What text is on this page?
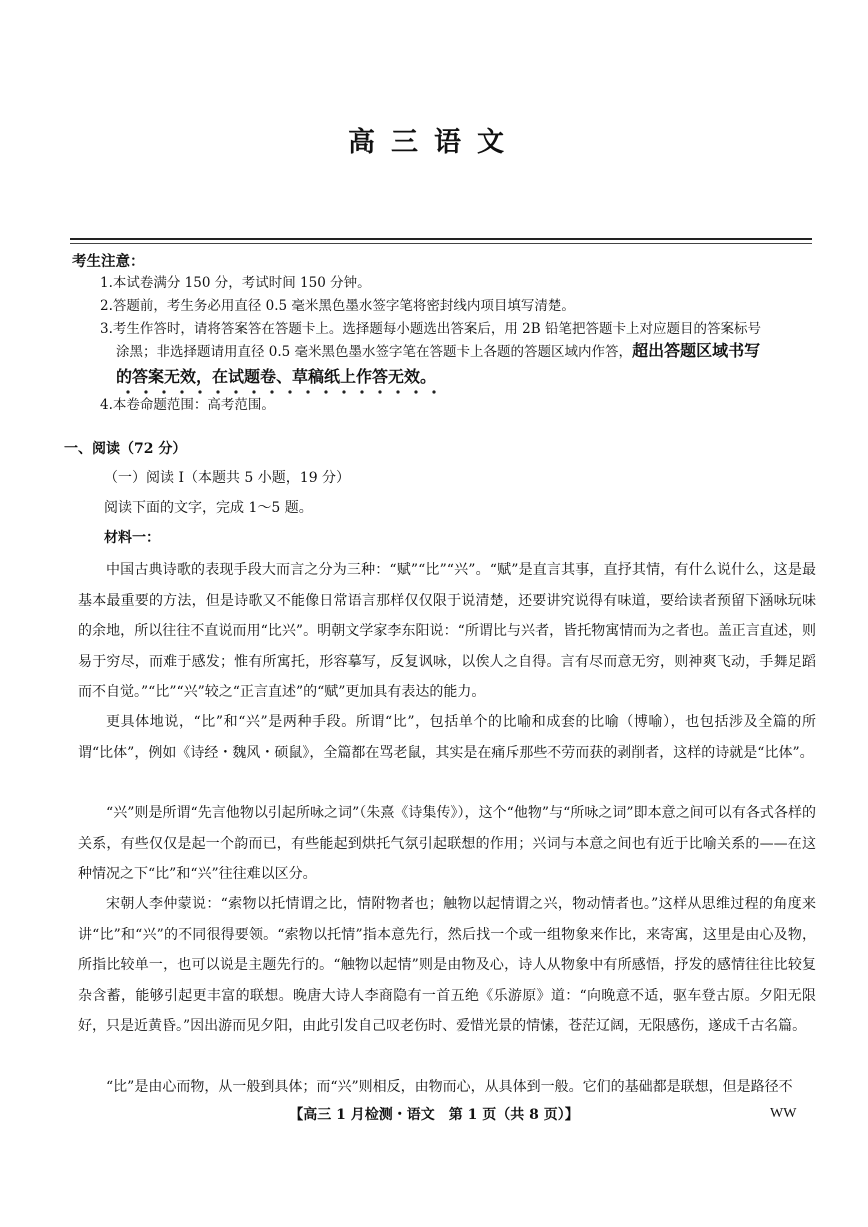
高三语文
考生注意：
1.本试卷满分 150 分，考试时间 150 分钟。
2.答题前，考生务必用直径 0.5 毫米黑色墨水签字笔将密封线内项目填写清楚。
3.考生作答时，请将答案答在答题卡上。选择题每小题选出答案后，用 2B 铅笔把答题卡上对应题目的答案标号
涂黑；非选择题请用直径 0.5 毫米黑色墨水签字笔在答题卡上各题的答题区域内作答，超出答题区域书写
的答案无效，在试题卷、草稿纸上作答无效。
4.本卷命题范围：高考范围。
一、阅读（72 分）
（一）阅读 Ⅰ（本题共 5 小题，19 分）
阅读下面的文字，完成 1～5 题。
材料一：

中国古典诗歌的表现手段大而言之分为三种：“赋”“比”“兴”。“赋”是直言其事，直抒其情，有什么说什么，这是最基本最重要的方法，但是诗歌又不能像日常语言那样仅仅限于说清楚，还要讲究说得有味道，要给读者预留下涵咏玩味的余地，所以往往不直说而用“比兴”。明朝文学家李东阳说：“所谓比与兴者，皆托物寓情而为之者也。盖正言直述，则易于穷尽，而难于感发；惟有所寓托，形容摹写，反复讽咏，以俟人之自得。言有尽而意无穷，则神爽飞动，手舞足蹈而不自觉。”“比”“兴”较之“正言直述”的“赋”更加具有表达的能力。

更具体地说，“比”和“兴”是两种手段。所谓“比”，包括单个的比喻和成套的比喻（博喻），也包括涉及全篇的所谓“比体”，例如《诗经・魏风・硕鼠》，全篇都在骂老鼠，其实是在痛斥那些不劳而获的剥削者，这样的诗就是“比体”。

“兴”则是所谓“先言他物以引起所咏之词”（朱熹《诗集传》），这个“他物”与“所咏之词”即本意之间可以有各式各样的关系，有些仅仅是起一个韵而已，有些能起到烘托气氛引起联想的作用；兴词与本意之间也有近于比喻关系的——在这种情况之下“比”和“兴”往往难以区分。

宋朝人李仲蒙说：“索物以托情谓之比，情附物者也；触物以起情谓之兴，物动情者也。”这样从思维过程的角度来讲“比”和“兴”的不同很得要领。“索物以托情”指本意先行，然后找一个或一组物象来作比，来寄寓，这里是由心及物，所指比较单一，也可以说是主题先行的。“触物以起情”则是由物及心，诗人从物象中有所感悟，抒发的感情往往比较复杂含蓄，能够引起更丰富的联想。晚唐大诗人李商隐有一首五绝《乐游原》道：“向晚意不适，驱车登古原。夕阳无限好，只是近黄昏。”因出游而见夕阳，由此引发自己叹老伤时、爱惜光景的情愫，苍茫辽阔，无限感伤，遂成千古名篇。

“比”是由心而物，从一般到具体；而“兴”则相反，由物而心，从具体到一般。它们的基础都是联想，但是路径不

【高三 1 月检测・语文　第 1 页（共 8 页）】	WW
